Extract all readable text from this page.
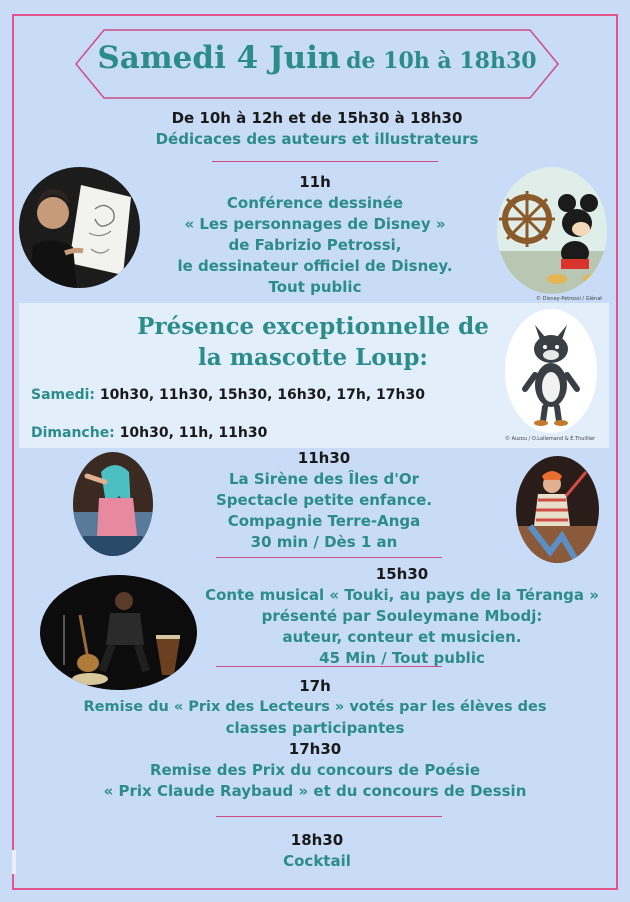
Samedi 4 Juin de 10h à 18h30
De 10h à 12h et de 15h30 à 18h30
Dédicaces des auteurs et illustrateurs
© Disney-Petrossi / Glénat
11h
Conférence dessinée
« Les personnages de Disney »
de Fabrizio Petrossi,
le dessinateur officiel de Disney.
Tout public
Présence exceptionnelle de
la mascotte Loup:
Samedi: 10h30, 11h30, 15h30, 16h30, 17h, 17h30
Dimanche: 10h30, 11h, 11h30	© Auzou / O.Lallemand & E.Thuillier
11h30
La Sirène des Îles d'Or
Spectacle petite enfance.
Compagnie Terre-Anga
30 min / Dès 1 an
15h30
Conte musical « Touki, au pays de la Téranga »
présenté par Souleymane Mbodj:
auteur, conteur et musicien.
45 Min / Tout public
17h
Remise du « Prix des Lecteurs » votés par les élèves des
classes participantes
17h30
Remise des Prix du concours de Poésie
« Prix Claude Raybaud » et du concours de Dessin
18h30
Cocktail
